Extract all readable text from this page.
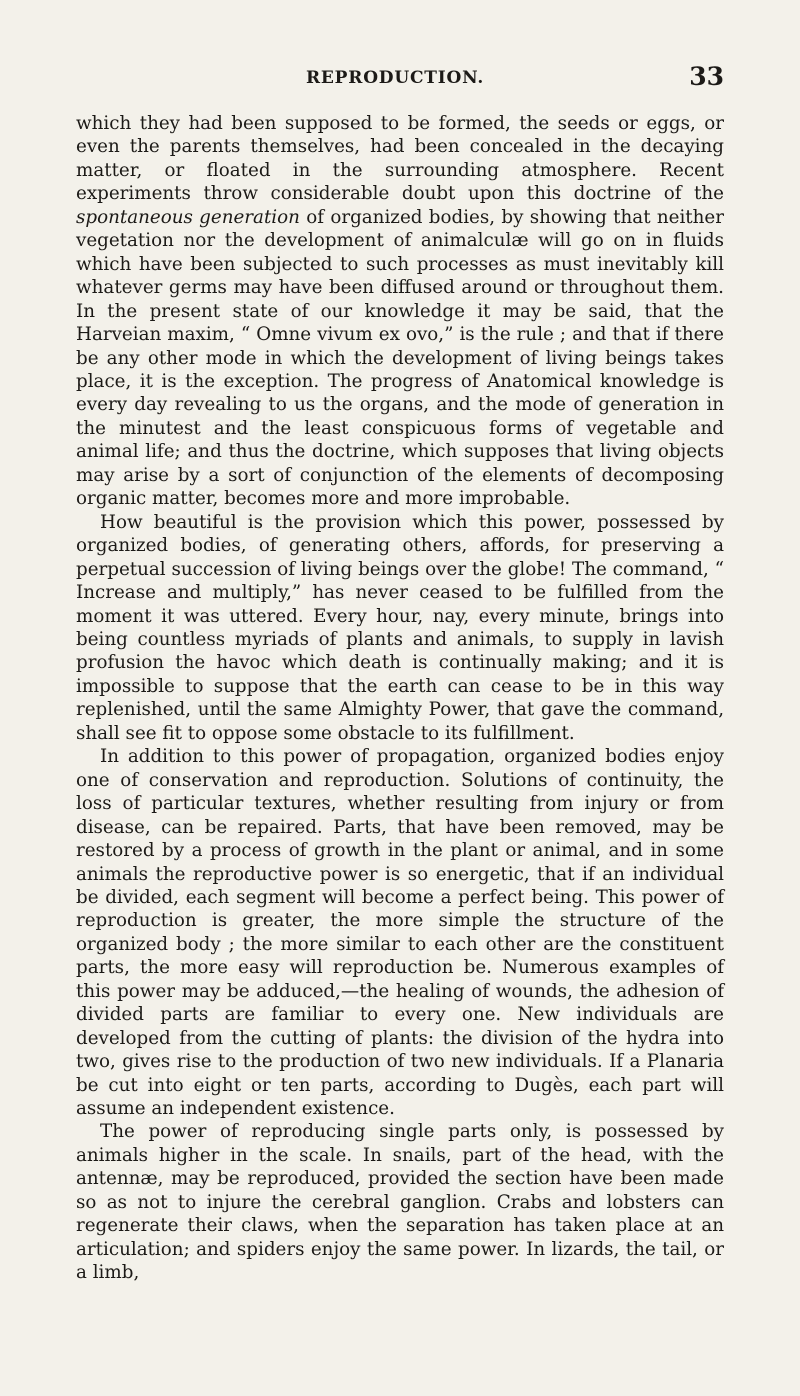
REPRODUCTION.	33

which they had been supposed to be formed, the seeds or eggs, or even the parents themselves, had been concealed in the decaying matter, or floated in the surrounding atmosphere. Recent experiments throw considerable doubt upon this doctrine of the spontaneous generation of organized bodies, by showing that neither vegetation nor the development of animalculæ will go on in fluids which have been subjected to such processes as must inevitably kill whatever germs may have been diffused around or throughout them. In the present state of our knowledge it may be said, that the Harveian maxim, “ Omne vivum ex ovo,” is the rule ; and that if there be any other mode in which the development of living beings takes place, it is the exception. The progress of Anatomical knowledge is every day revealing to us the organs, and the mode of generation in the minutest and the least conspicuous forms of vegetable and animal life; and thus the doctrine, which supposes that living objects may arise by a sort of conjunction of the elements of decomposing organic matter, becomes more and more improbable.

How beautiful is the provision which this power, possessed by organized bodies, of generating others, affords, for preserving a perpetual succession of living beings over the globe! The command, “ Increase and multiply,” has never ceased to be fulfilled from the moment it was uttered. Every hour, nay, every minute, brings into being countless myriads of plants and animals, to supply in lavish profusion the havoc which death is continually making; and it is impossible to suppose that the earth can cease to be in this way replenished, until the same Almighty Power, that gave the command, shall see fit to oppose some obstacle to its fulfillment.

In addition to this power of propagation, organized bodies enjoy one of conservation and reproduction. Solutions of continuity, the loss of particular textures, whether resulting from injury or from disease, can be repaired. Parts, that have been removed, may be restored by a process of growth in the plant or animal, and in some animals the reproductive power is so energetic, that if an individual be divided, each segment will become a perfect being. This power of reproduction is greater, the more simple the structure of the organized body ; the more similar to each other are the constituent parts, the more easy will reproduction be. Numerous examples of this power may be adduced,—the healing of wounds, the adhesion of divided parts are familiar to every one. New individuals are developed from the cutting of plants: the division of the hydra into two, gives rise to the production of two new individuals. If a Planaria be cut into eight or ten parts, according to Dugès, each part will assume an independent existence.

The power of reproducing single parts only, is possessed by animals higher in the scale. In snails, part of the head, with the antennæ, may be reproduced, provided the section have been made so as not to injure the cerebral ganglion. Crabs and lobsters can regenerate their claws, when the separation has taken place at an articulation; and spiders enjoy the same power. In lizards, the tail, or a limb,
